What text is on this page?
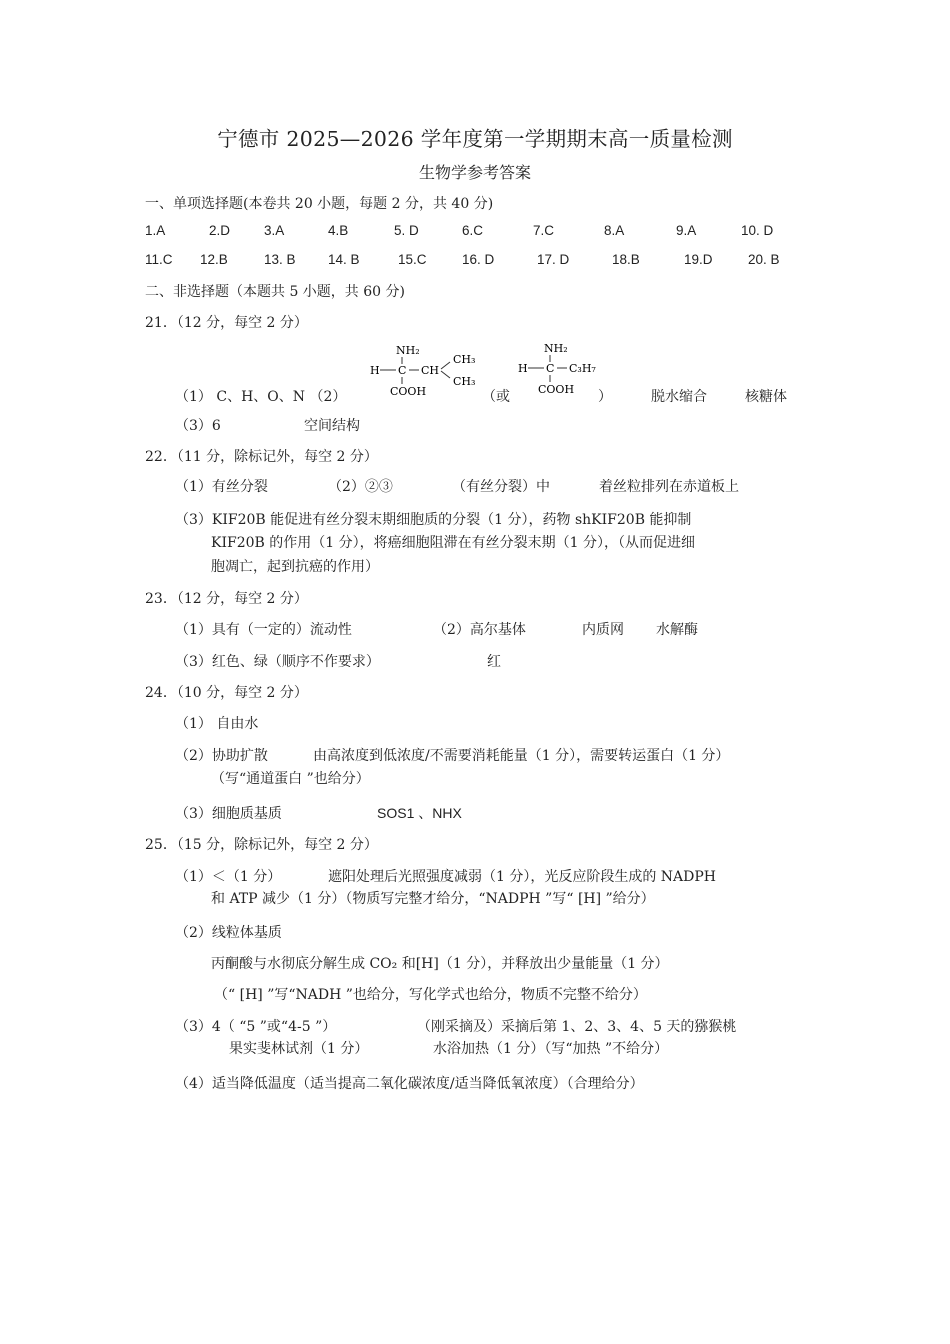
宁德市 2025—2026 学年度第一学期期末高一质量检测
生物学参考答案
一、单项选择题(本卷共 20 小题，每题 2 分，共 40 分)
1.A	2.D	3.A	4.B	5. D	6.C	7.C	8.A	9.A	10. D
11.C 12.B	13. B 14. B	15.C	16. D	17. D	18.B	19.D	20. B
二、非选择题（本题共 5 小题，共 60 分)
21．（12 分，每空 2 分）
NH₂
H C CH
CH₃
CH₃
COOH
NH₂
H C C₃H₇
COOH
（1） C、H、O、N （2）	（或	）	脱水缩合	核糖体
（3）6	空间结构
22．（11 分，除标记外，每空 2 分）
（1）有丝分裂	（2）②③	（有丝分裂）中	着丝粒排列在赤道板上
（3）KIF20B 能促进有丝分裂末期细胞质的分裂（1 分），药物 shKIF20B 能抑制
KIF20B 的作用（1 分），将癌细胞阻滞在有丝分裂末期（1 分），（从而促进细
胞凋亡，起到抗癌的作用）
23．（12 分，每空 2 分）
（1）具有（一定的）流动性	（2）高尔基体	内质网 水解酶
（3）红色、绿（顺序不作要求）	红
24．（10 分，每空 2 分）
（1） 自由水
（2）协助扩散	由高浓度到低浓度/不需要消耗能量（1 分），需要转运蛋白（1 分）
（写“通道蛋白 ”也给分）
（3）细胞质基质	SOS1 、NHX
25．（15 分，除标记外，每空 2 分）
（1）＜（1 分）	遮阳处理后光照强度减弱（1 分），光反应阶段生成的 NADPH
和 ATP 减少（1 分）（物质写完整才给分，“NADPH ”写“ [H] ”给分）
（2）线粒体基质
丙酮酸与水彻底分解生成 CO₂ 和[H]（1 分），并释放出少量能量（1 分）
（“ [H] ”写“NADH ”也给分，写化学式也给分，物质不完整不给分）
（3）4（ “5 ”或“4-5 ”）	（刚采摘及）采摘后第 1、2、3、4、5 天的猕猴桃
果实斐林试剂（1 分）	水浴加热（1 分）（写“加热 ”不给分）
（4）适当降低温度（适当提高二氧化碳浓度/适当降低氧浓度）（合理给分）
